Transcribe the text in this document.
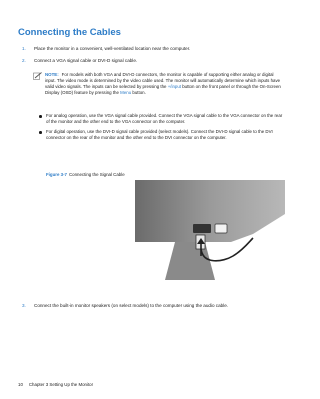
Connecting the Cables
1. Place the monitor in a convenient, well-ventilated location near the computer.
2. Connect a VGA signal cable or DVI-D signal cable.
NOTE: For models with both VGA and DVI-D connectors, the monitor is capable of supporting either analog or digital input. The video mode is determined by the video cable used. The monitor will automatically determine which inputs have valid video signals. The inputs can be selected by pressing the +/input button on the front panel or through the On-Screen Display (OSD) feature by pressing the Menu button.
For analog operation, use the VGA signal cable provided. Connect the VGA signal cable to the VGA connector on the rear of the monitor and the other end to the VGA connector on the computer.
For digital operation, use the DVI-D signal cable provided (select models). Connect the DVI-D signal cable to the DVI connector on the rear of the monitor and the other end to the DVI connector on the computer.
Figure 3-7 Connecting the Signal Cable
3. Connect the built-in monitor speakers (on select models) to the computer using the audio cable.
10 Chapter 3 Setting Up the Monitor
